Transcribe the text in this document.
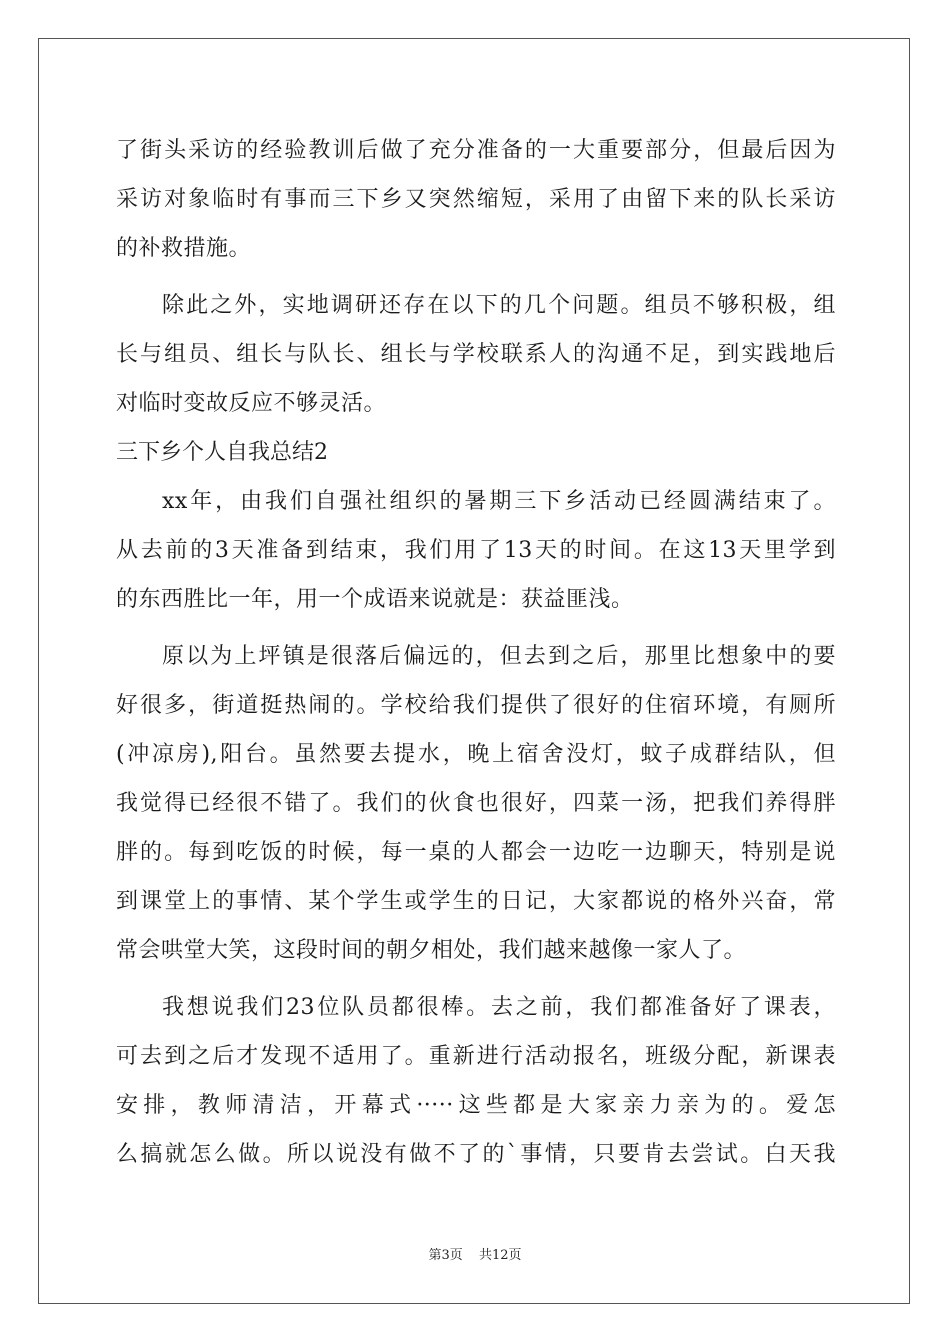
了街头采访的经验教训后做了充分准备的一大重要部分，但最后因为
采访对象临时有事而三下乡又突然缩短，采用了由留下来的队长采访
的补救措施。
除此之外，实地调研还存在以下的几个问题。组员不够积极，组
长与组员、组长与队长、组长与学校联系人的沟通不足，到实践地后
对临时变故反应不够灵活。
三下乡个人自我总结2
xx年，由我们自强社组织的暑期三下乡活动已经圆满结束了。
从去前的3天准备到结束，我们用了13天的时间。在这13天里学到
的东西胜比一年，用一个成语来说就是：获益匪浅。
原以为上坪镇是很落后偏远的，但去到之后，那里比想象中的要
好很多，街道挺热闹的。学校给我们提供了很好的住宿环境，有厕所
(冲凉房),阳台。虽然要去提水，晚上宿舍没灯，蚊子成群结队，但
我觉得已经很不错了。我们的伙食也很好，四菜一汤，把我们养得胖
胖的。每到吃饭的时候，每一桌的人都会一边吃一边聊天，特别是说
到课堂上的事情、某个学生或学生的日记，大家都说的格外兴奋，常
常会哄堂大笑，这段时间的朝夕相处，我们越来越像一家人了。
我想说我们23位队员都很棒。去之前，我们都准备好了课表，
可去到之后才发现不适用了。重新进行活动报名，班级分配，新课表
安排，教师清洁，开幕式·····这些都是大家亲力亲为的。爱怎
么搞就怎么做。所以说没有做不了的`事情，只要肯去尝试。白天我
第3页 共12页
